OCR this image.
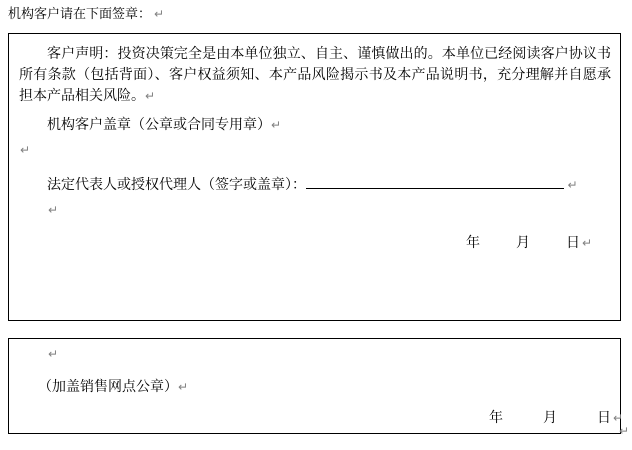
机构客户请在下面签章： ↵
客户声明：投资决策完全是由本单位独立、自主、谨慎做出的。本单位已经阅读客户协议书所有条款（包括背面）、客户权益须知、本产品风险揭示书及本产品说明书，充分理解并自愿承担本产品相关风险。↵
机构客户盖章（公章或合同专用章）↵
↵
法定代表人或授权代理人（签字或盖章）：	↵
↵
年	月	日 ↵
↵
（加盖销售网点公章）↵
年	月	日 ↵
↵
